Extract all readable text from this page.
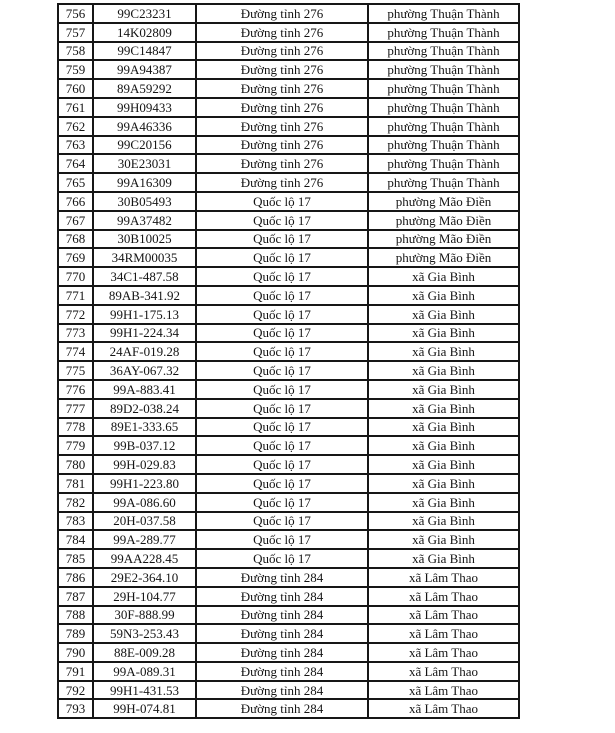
756	99C23231	Đường tỉnh 276	phường Thuận Thành
757	14K02809	Đường tỉnh 276	phường Thuận Thành
758	99C14847	Đường tỉnh 276	phường Thuận Thành
759	99A94387	Đường tỉnh 276	phường Thuận Thành
760	89A59292	Đường tỉnh 276	phường Thuận Thành
761	99H09433	Đường tỉnh 276	phường Thuận Thành
762	99A46336	Đường tỉnh 276	phường Thuận Thành
763	99C20156	Đường tỉnh 276	phường Thuận Thành
764	30E23031	Đường tỉnh 276	phường Thuận Thành
765	99A16309	Đường tỉnh 276	phường Thuận Thành
766	30B05493	Quốc lộ 17	phường Mão Điền
767	99A37482	Quốc lộ 17	phường Mão Điền
768	30B10025	Quốc lộ 17	phường Mão Điền
769	34RM00035	Quốc lộ 17	phường Mão Điền
770	34C1-487.58	Quốc lộ 17	xã Gia Bình
771	89AB-341.92	Quốc lộ 17	xã Gia Bình
772	99H1-175.13	Quốc lộ 17	xã Gia Bình
773	99H1-224.34	Quốc lộ 17	xã Gia Bình
774	24AF-019.28	Quốc lộ 17	xã Gia Bình
775	36AY-067.32	Quốc lộ 17	xã Gia Bình
776	99A-883.41	Quốc lộ 17	xã Gia Bình
777	89D2-038.24	Quốc lộ 17	xã Gia Bình
778	89E1-333.65	Quốc lộ 17	xã Gia Bình
779	99B-037.12	Quốc lộ 17	xã Gia Bình
780	99H-029.83	Quốc lộ 17	xã Gia Bình
781	99H1-223.80	Quốc lộ 17	xã Gia Bình
782	99A-086.60	Quốc lộ 17	xã Gia Bình
783	20H-037.58	Quốc lộ 17	xã Gia Bình
784	99A-289.77	Quốc lộ 17	xã Gia Bình
785	99AA228.45	Quốc lộ 17	xã Gia Bình
786	29E2-364.10	Đường tỉnh 284	xã Lâm Thao
787	29H-104.77	Đường tỉnh 284	xã Lâm Thao
788	30F-888.99	Đường tỉnh 284	xã Lâm Thao
789	59N3-253.43	Đường tỉnh 284	xã Lâm Thao
790	88E-009.28	Đường tỉnh 284	xã Lâm Thao
791	99A-089.31	Đường tỉnh 284	xã Lâm Thao
792	99H1-431.53	Đường tỉnh 284	xã Lâm Thao
793	99H-074.81	Đường tỉnh 284	xã Lâm Thao
